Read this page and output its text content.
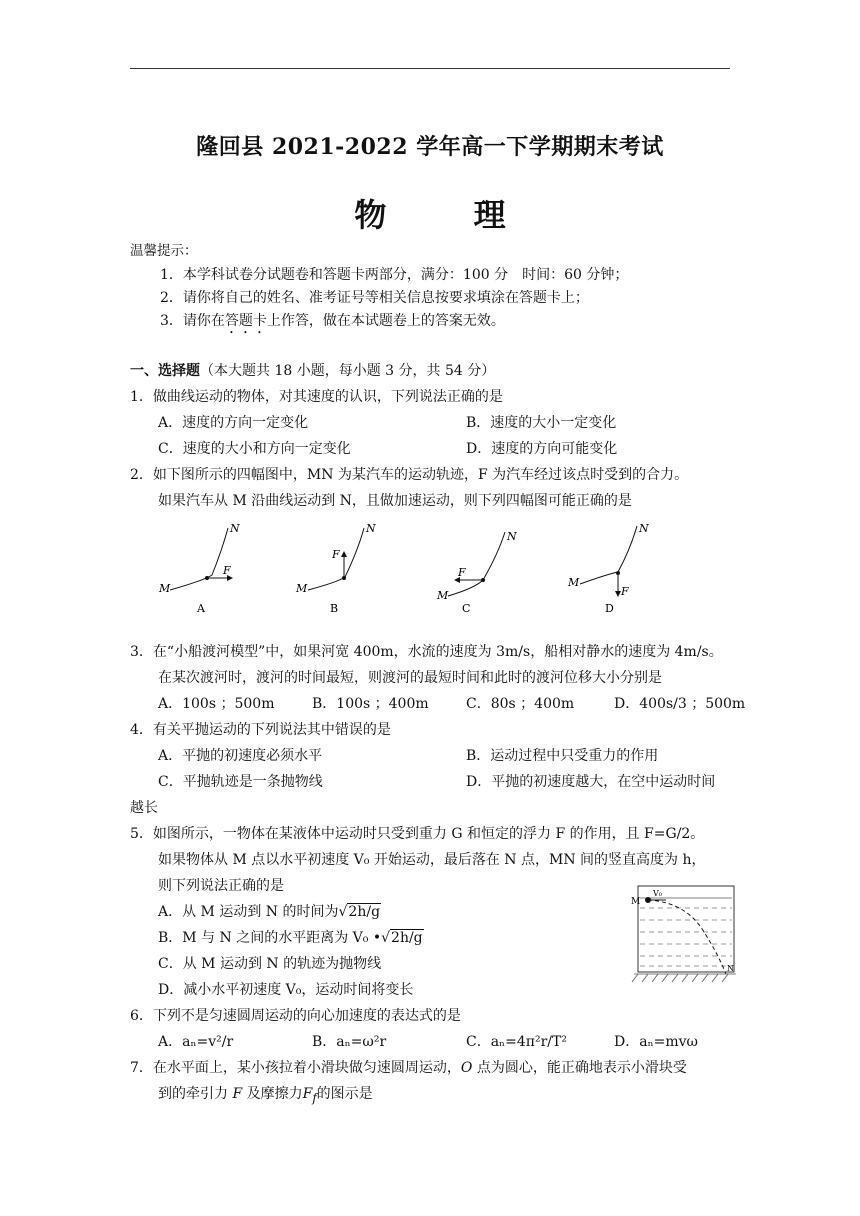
隆回县 2021-2022 学年高一下学期期末考试
物 理
温馨提示：
1．本学科试卷分试题卷和答题卡两部分，满分：100 分　时间：60 分钟；
2．请你将自己的姓名、准考证号等相关信息按要求填涂在答题卡上；
3．请你在答题卡上作答，做在本试题卷上的答案无效。
一、选择题（本大题共 18 小题，每小题 3 分，共 54 分）
1．做曲线运动的物体，对其速度的认识，下列说法正确的是
A．速度的方向一定变化	B．速度的大小一定变化
C．速度的大小和方向一定变化	D．速度的方向可能变化
2．如下图所示的四幅图中，MN 为某汽车的运动轨迹，F 为汽车经过该点时受到的合力。
如果汽车从 M 沿曲线运动到 N，且做加速运动，则下列四幅图可能正确的是
M
N
F
A
M
N
F
B
M
N
F
C
M
N
F
D
3．在“小船渡河模型”中，如果河宽 400m，水流的速度为 3m/s，船相对静水的速度为 4m/s。
在某次渡河时，渡河的时间最短，则渡河的最短时间和此时的渡河位移大小分别是
A．100s ；500m	B．100s ；400m	C．80s ；400m	D．400s/3 ；500m
4．有关平抛运动的下列说法其中错误的是
A．平抛的初速度必须水平	B．运动过程中只受重力的作用
C．平抛轨迹是一条抛物线	D．平抛的初速度越大，在空中运动时间
越长
5．如图所示，一物体在某液体中运动时只受到重力 G 和恒定的浮力 F 的作用，且 F=G/2。
如果物体从 M 点以水平初速度 V₀ 开始运动，最后落在 N 点，MN 间的竖直高度为 h，
则下列说法正确的是
A．从 M 运动到 N 的时间为√2h/g
B．M 与 N 之间的水平距离为 V₀ •√2h/g
C．从 M 运动到 N 的轨迹为抛物线
D．减小水平初速度 V₀，运动时间将变长
M
V₀
N
6．下列不是匀速圆周运动的向心加速度的表达式的是
A．aₙ=v²/r	B．aₙ=ω²r	C．aₙ=4π²r/T²	D．aₙ=mvω
7．在水平面上，某小孩拉着小滑块做匀速圆周运动，O 点为圆心，能正确地表示小滑块受
到的牵引力 F 及摩擦力$F_f$的图示是
